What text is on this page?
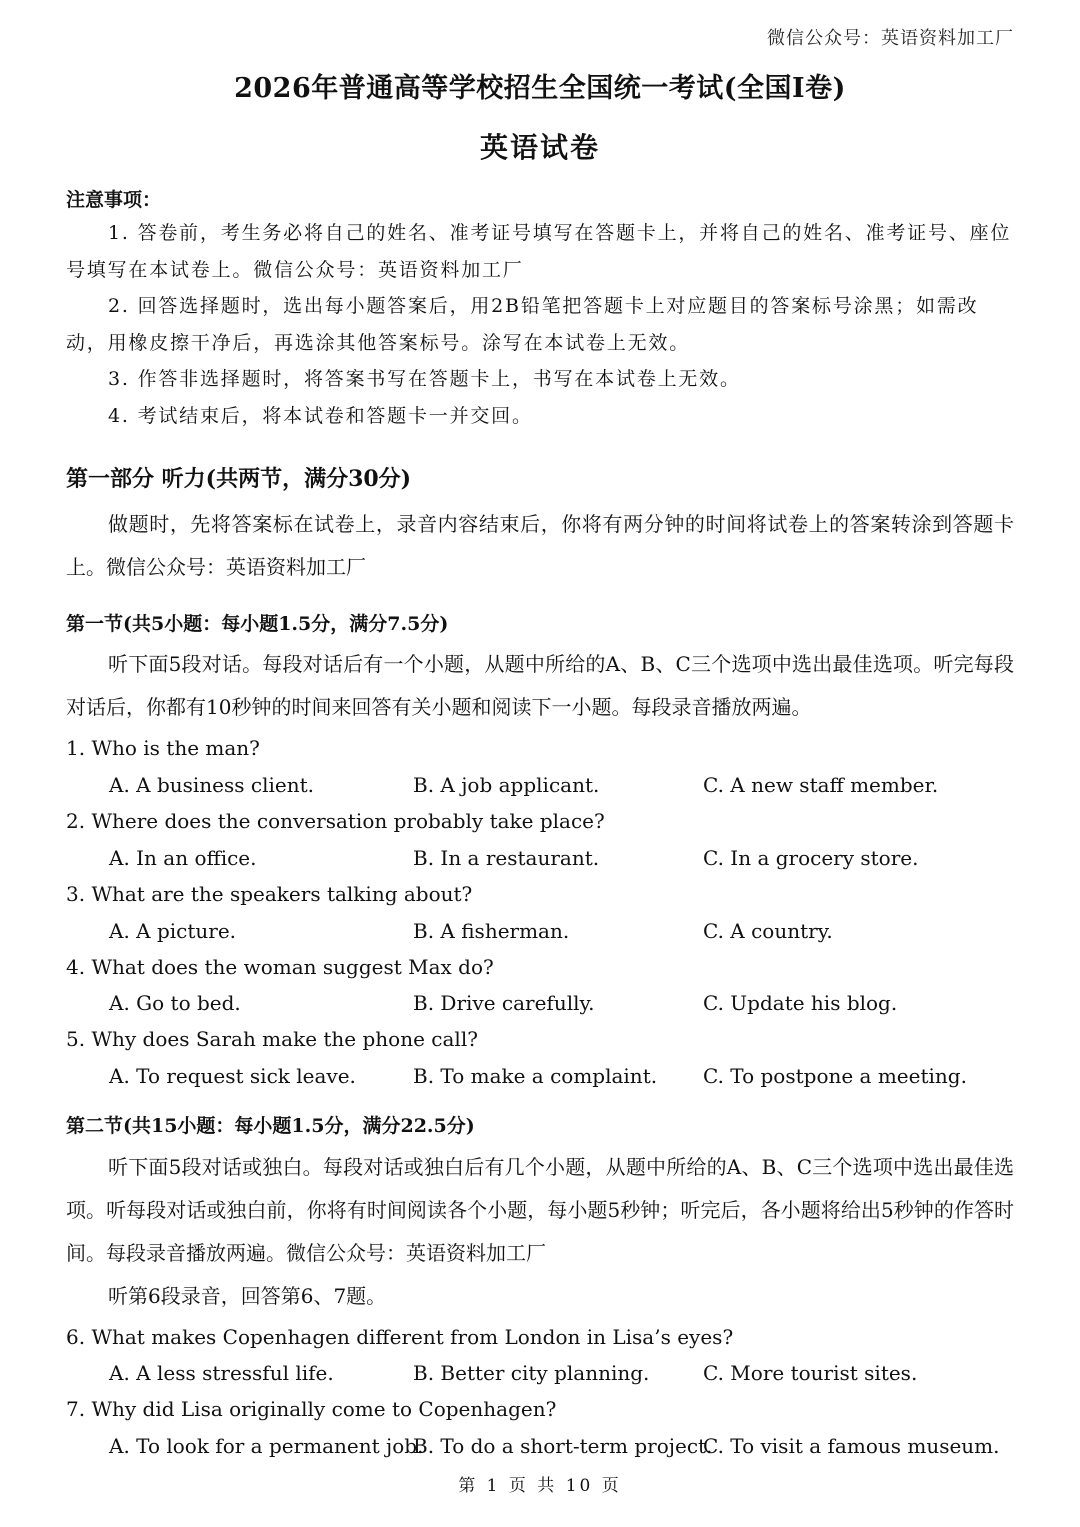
微信公众号：英语资料加工厂
2026年普通高等学校招生全国统一考试(全国I卷)
英语试卷
注意事项：

1. 答卷前，考生务必将自己的姓名、准考证号填写在答题卡上，并将自己的姓名、准考证号、座位号填写在本试卷上。微信公众号：英语资料加工厂

2. 回答选择题时，选出每小题答案后，用2B铅笔把答题卡上对应题目的答案标号涂黑；如需改动，用橡皮擦干净后，再选涂其他答案标号。涂写在本试卷上无效。

3. 作答非选择题时，将答案书写在答题卡上，书写在本试卷上无效。

4. 考试结束后，将本试卷和答题卡一并交回。

第一部分 听力(共两节，满分30分)

做题时，先将答案标在试卷上，录音内容结束后，你将有两分钟的时间将试卷上的答案转涂到答题卡上。微信公众号：英语资料加工厂

第一节(共5小题：每小题1.5分，满分7.5分)

听下面5段对话。每段对话后有一个小题，从题中所给的A、B、C三个选项中选出最佳选项。听完每段对话后，你都有10秒钟的时间来回答有关小题和阅读下一小题。每段录音播放两遍。

1. Who is the man?
A. A business client.	B. A job applicant.	C. A new staff member.
2. Where does the conversation probably take place?
A. In an office.	B. In a restaurant.	C. In a grocery store.
3. What are the speakers talking about?
A. A picture.	B. A fisherman.	C. A country.
4. What does the woman suggest Max do?
A. Go to bed.	B. Drive carefully.	C. Update his blog.
5. Why does Sarah make the phone call?
A. To request sick leave.	B. To make a complaint. C. To postpone a meeting.
第二节(共15小题：每小题1.5分，满分22.5分)

听下面5段对话或独白。每段对话或独白后有几个小题，从题中所给的A、B、C三个选项中选出最佳选项。听每段对话或独白前，你将有时间阅读各个小题，每小题5秒钟；听完后，各小题将给出5秒钟的作答时间。每段录音播放两遍。微信公众号：英语资料加工厂

听第6段录音，回答第6、7题。

6. What makes Copenhagen different from London in Lisa’s eyes?
A. A less stressful life.	B. Better city planning.	C. More tourist sites.
7. Why did Lisa originally come to Copenhagen?
A. To look for a permanent job.
B. To do a short-term project.
C. To visit a famous museum.
第 1 页 共 10 页
